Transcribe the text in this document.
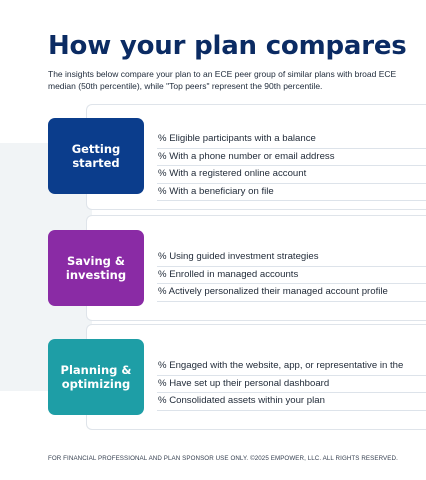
How your plan compares
The insights below compare your plan to an ECE peer group of similar plans with broad ECE
median (50th percentile), while "Top peers" represent the 90th percentile.
Getting
started
% Eligible participants with a balance
% With a phone number or email address
% With a registered online account
% With a beneficiary on file
Saving &
investing
% Using guided investment strategies
% Enrolled in managed accounts
% Actively personalized their managed account profile
Planning &
optimizing
% Engaged with the website, app, or representative in the
% Have set up their personal dashboard
% Consolidated assets within your plan
FOR FINANCIAL PROFESSIONAL AND PLAN SPONSOR USE ONLY. ©2025 EMPOWER, LLC. ALL RIGHTS RESERVED.
